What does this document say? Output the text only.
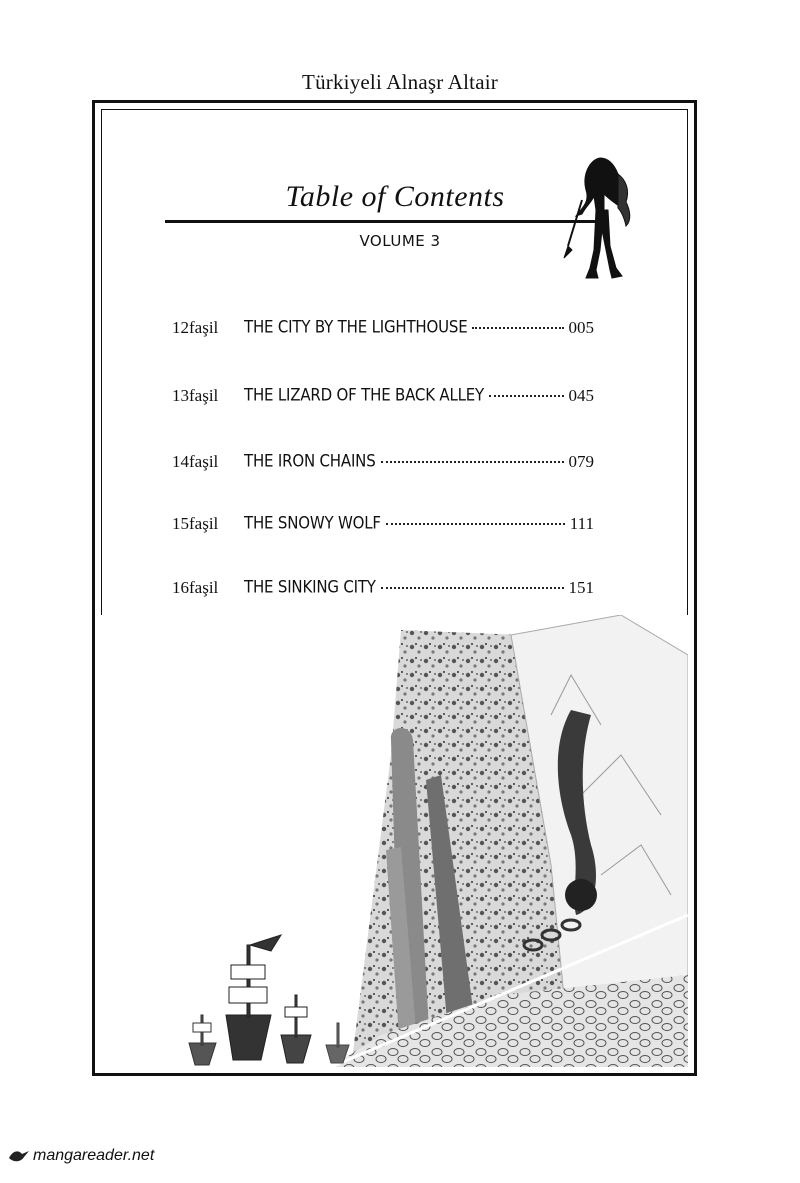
Türkiyeli Alnaşr Altair
Table of Contents
VOLUME 3
12faşil	THE CITY BY THE LIGHTHOUSE	005
13faşil	THE LIZARD OF THE BACK ALLEY	045
14faşil	THE IRON CHAINS	079
15faşil	THE SNOWY WOLF	111
16faşil	THE SINKING CITY	151
mangareader.net
